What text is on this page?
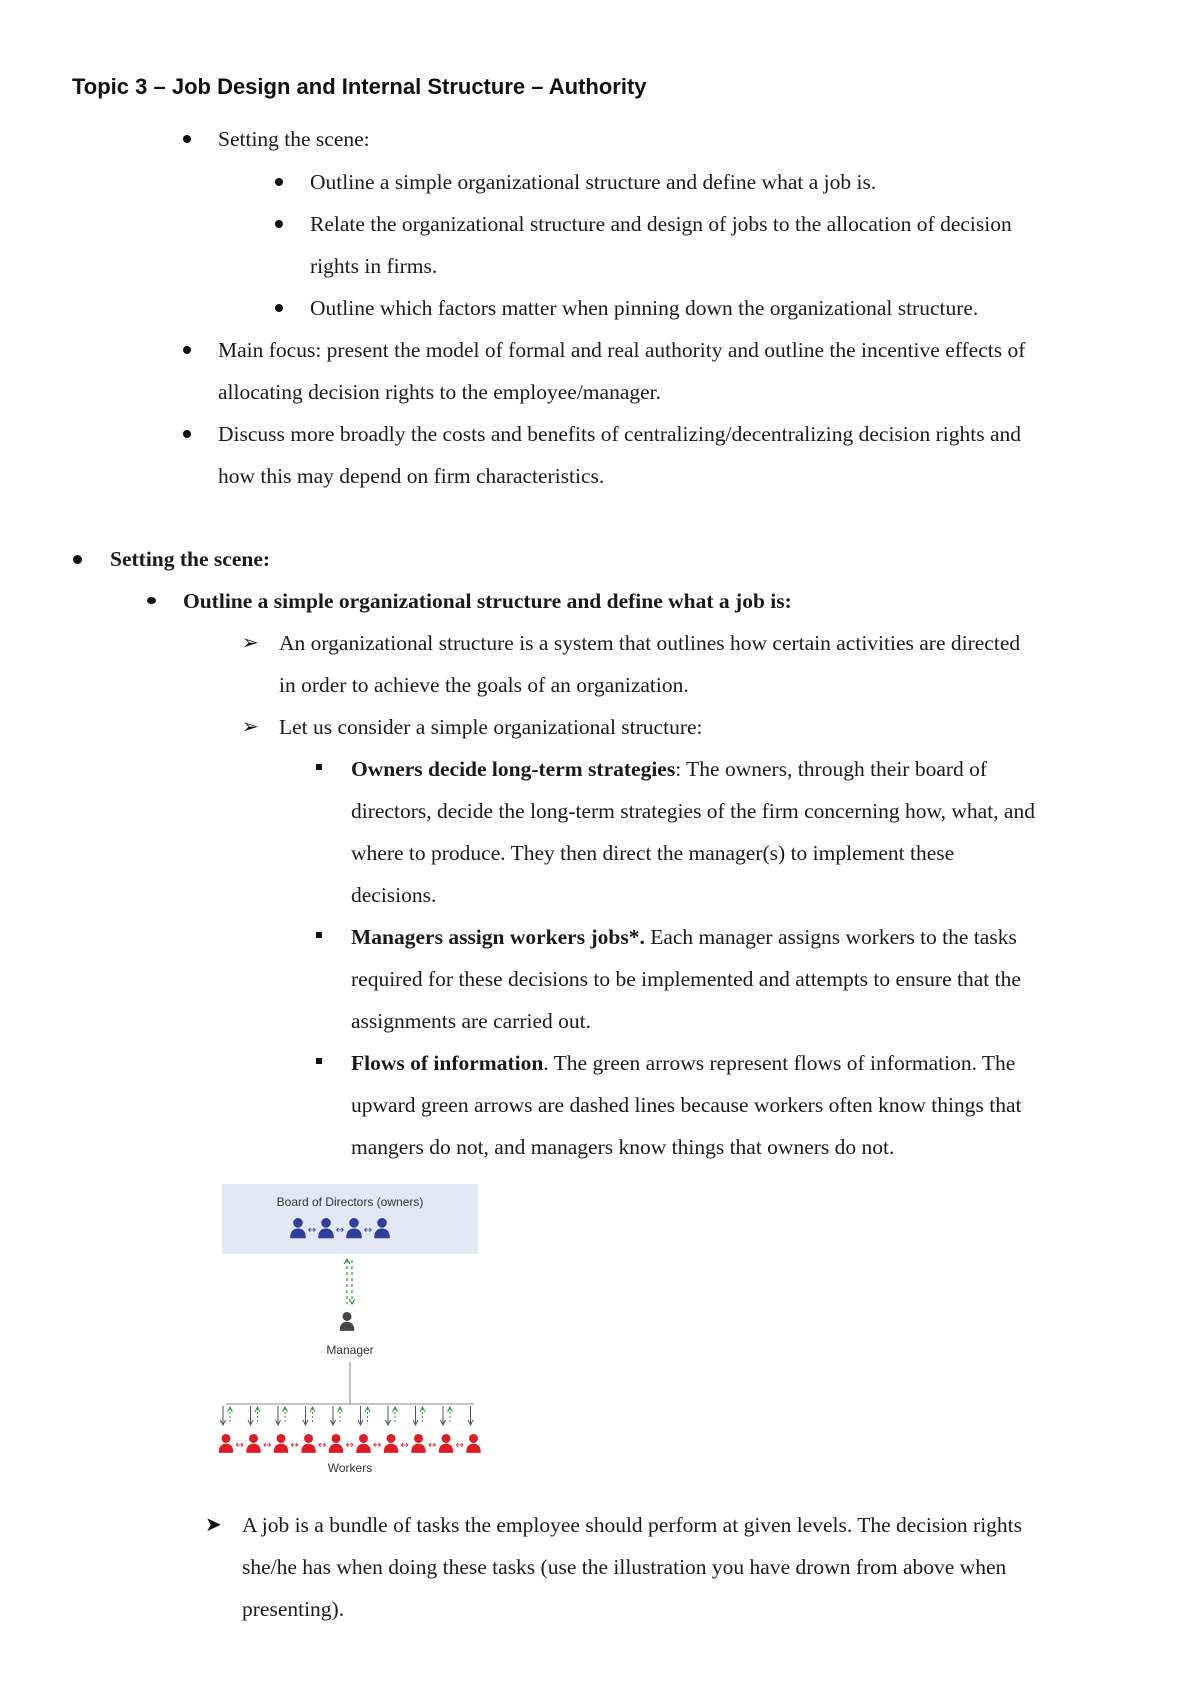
Topic 3 – Job Design and Internal Structure – Authority
Setting the scene:
Outline a simple organizational structure and define what a job is.
Relate the organizational structure and design of jobs to the allocation of decision
rights in firms.
Outline which factors matter when pinning down the organizational structure.
Main focus: present the model of formal and real authority and outline the incentive effects of
allocating decision rights to the employee/manager.
Discuss more broadly the costs and benefits of centralizing/decentralizing decision rights and
how this may depend on firm characteristics.
Setting the scene:
Outline a simple organizational structure and define what a job is:
➢ An organizational structure is a system that outlines how certain activities are directed
in order to achieve the goals of an organization.
➢ Let us consider a simple organizational structure:
Owners decide long-term strategies: The owners, through their board of
directors, decide the long-term strategies of the firm concerning how, what, and
where to produce. They then direct the manager(s) to implement these
decisions.
Managers assign workers jobs*. Each manager assigns workers to the tasks
required for these decisions to be implemented and attempts to ensure that the
assignments are carried out.
Flows of information. The green arrows represent flows of information. The
upward green arrows are dashed lines because workers often know things that
mangers do not, and managers know things that owners do not.
Board of Directors (owners)
↔ ↔ ↔
Manager
↔ ↔ ↔ ↔ ↔ ↔ ↔ ↔ ↔
Workers
➤ A job is a bundle of tasks the employee should perform at given levels. The decision rights
she/he has when doing these tasks (use the illustration you have drown from above when
presenting).
